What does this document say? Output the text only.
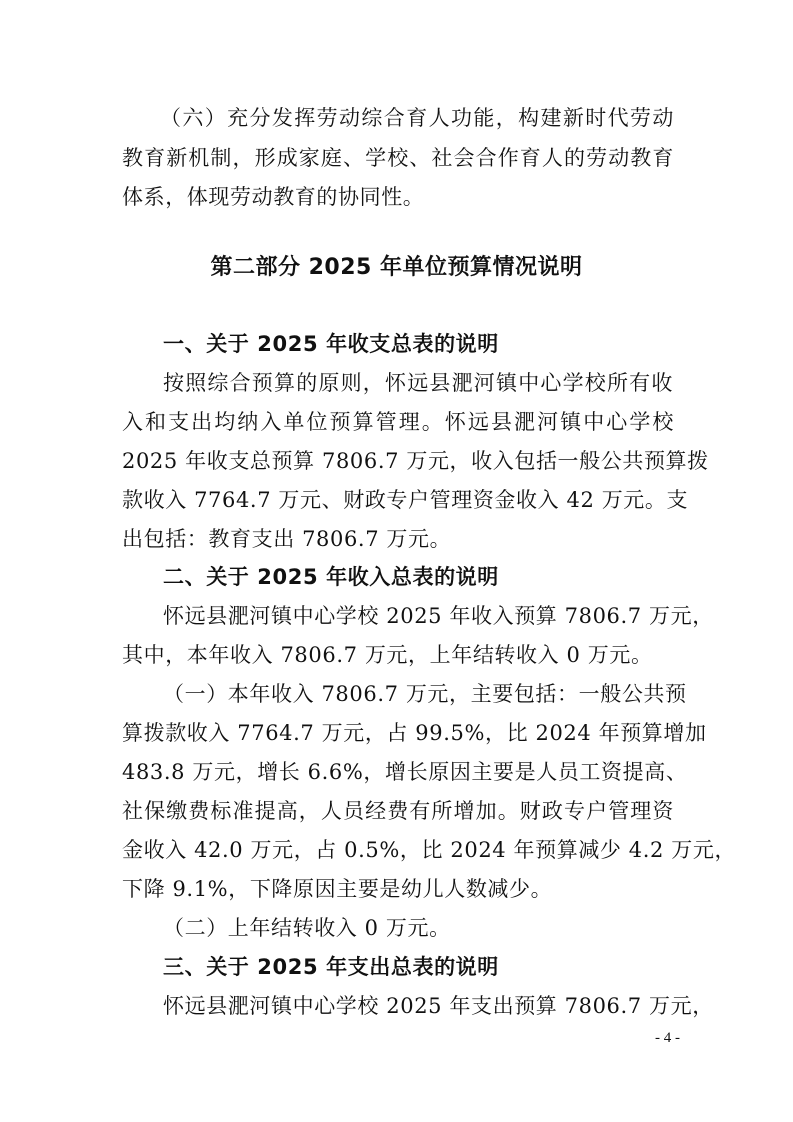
（六）充分发挥劳动综合育人功能，构建新时代劳动
教育新机制，形成家庭、学校、社会合作育人的劳动教育
体系，体现劳动教育的协同性。
第二部分 2025 年单位预算情况说明
一、关于 2025 年收支总表的说明
按照综合预算的原则，怀远县淝河镇中心学校所有收
入和支出均纳入单位预算管理。怀远县淝河镇中心学校
2025 年收支总预算 7806.7 万元，收入包括一般公共预算拨
款收入 7764.7 万元、财政专户管理资金收入 42 万元。支
出包括：教育支出 7806.7 万元。
二、关于 2025 年收入总表的说明
怀远县淝河镇中心学校 2025 年收入预算 7806.7 万元，
其中，本年收入 7806.7 万元，上年结转收入 0 万元。
（一）本年收入 7806.7 万元，主要包括：一般公共预
算拨款收入 7764.7 万元，占 99.5%，比 2024 年预算增加
483.8 万元，增长 6.6%，增长原因主要是人员工资提高、
社保缴费标准提高，人员经费有所增加。财政专户管理资
金收入 42.0 万元，占 0.5%，比 2024 年预算减少 4.2 万元，
下降 9.1%，下降原因主要是幼儿人数减少。
（二）上年结转收入 0 万元。
三、关于 2025 年支出总表的说明
怀远县淝河镇中心学校 2025 年支出预算 7806.7 万元，
- 4 -
